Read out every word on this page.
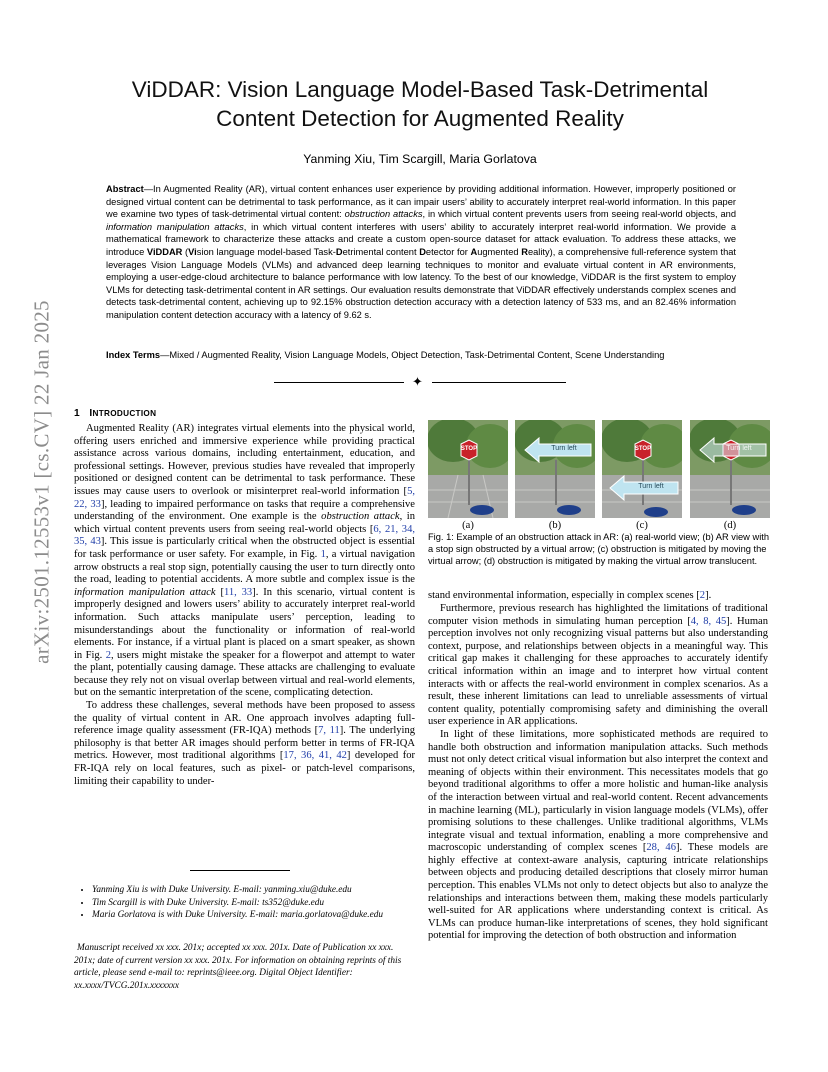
arXiv:2501.12553v1 [cs.CV] 22 Jan 2025
ViDDAR: Vision Language Model-Based Task-Detrimental
Content Detection for Augmented Reality
Yanming Xiu, Tim Scargill, Maria Gorlatova
Abstract—In Augmented Reality (AR), virtual content enhances user experience by providing additional information. However, improperly positioned or designed virtual content can be detrimental to task performance, as it can impair users’ ability to accurately interpret real-world information. In this paper we examine two types of task-detrimental virtual content: obstruction attacks, in which virtual content prevents users from seeing real-world objects, and information manipulation attacks, in which virtual content interferes with users’ ability to accurately interpret real-world information. We provide a mathematical framework to characterize these attacks and create a custom open-source dataset for attack evaluation. To address these attacks, we introduce ViDDAR (Vision language model-based Task-Detrimental content Detector for Augmented Reality), a comprehensive full-reference system that leverages Vision Language Models (VLMs) and advanced deep learning techniques to monitor and evaluate virtual content in AR environments, employing a user-edge-cloud architecture to balance performance with low latency. To the best of our knowledge, ViDDAR is the first system to employ VLMs for detecting task-detrimental content in AR settings. Our evaluation results demonstrate that ViDDAR effectively understands complex scenes and detects task-detrimental content, achieving up to 92.15% obstruction detection accuracy with a detection latency of 533 ms, and an 82.46% information manipulation content detection accuracy with a latency of 9.62 s.
Index Terms—Mixed / Augmented Reality, Vision Language Models, Object Detection, Task-Detrimental Content, Scene Understanding
✦
1 INTRODUCTION

Augmented Reality (AR) integrates virtual elements into the physical world, offering users enriched and immersive experience while providing practical assistance across various domains, including entertainment, education, and professional settings. However, previous studies have revealed that improperly positioned or designed content can be detrimental to task performance. These issues may cause users to overlook or misinterpret real-world information [5, 22, 33], leading to impaired performance on tasks that require a comprehensive understanding of the environment. One example is the obstruction attack, in which virtual content prevents users from seeing real-world objects [6, 21, 34, 35, 43]. This issue is particularly critical when the obstructed object is essential for task performance or user safety. For example, in Fig. 1, a virtual navigation arrow obstructs a real stop sign, potentially causing the user to turn directly onto the road, leading to potential accidents. A more subtle and complex issue is the information manipulation attack [11, 33]. In this scenario, virtual content is improperly designed and lowers users’ ability to accurately interpret real-world information. Such attacks manipulate users’ perception, leading to misunderstandings about the functionality or information of real-world elements. For instance, if a virtual plant is placed on a smart speaker, as shown in Fig. 2, users might mistake the speaker for a flowerpot and attempt to water the plant, potentially causing damage. These attacks are challenging to evaluate because they rely not on visual overlap between virtual and real-world elements, but on the semantic interpretation of the scene, complicating detection.

To address these challenges, several methods have been proposed to assess the quality of virtual content in AR. One approach involves adapting full-reference image quality assessment (FR-IQA) methods [7, 11]. The underlying philosophy is that better AR images should perform better in terms of FR-IQA metrics. However, most traditional algorithms [17, 36, 41, 42] developed for FR-IQA rely on local features, such as pixel- or patch-level comparisons, limiting their capability to under-

• Yanming Xiu is with Duke University. E-mail: yanming.xiu@duke.edu
• Tim Scargill is with Duke University. E-mail: ts352@duke.edu
• Maria Gorlatova is with Duke University. E-mail: maria.gorlatova@duke.edu
Manuscript received xx xxx. 201x; accepted xx xxx. 201x. Date of Publication xx xxx. 201x; date of current version xx xxx. 201x. For information on obtaining reprints of this article, please send e-mail to: reprints@ieee.org. Digital Object Identifier: xx.xxxx/TVCG.201x.xxxxxxx
STOP	Turn left	STOP
Turn left
Turn left
(a)	(b)	(c)	(d)
Fig. 1: Example of an obstruction attack in AR: (a) real-world view; (b) AR view with a stop sign obstructed by a virtual arrow; (c) obstruction is mitigated by moving the virtual arrow; (d) obstruction is mitigated by making the virtual arrow translucent.

stand environmental information, especially in complex scenes [2].

Furthermore, previous research has highlighted the limitations of traditional computer vision methods in simulating human perception [4, 8, 45]. Human perception involves not only recognizing visual patterns but also understanding context, purpose, and relationships between objects in a meaningful way. This critical gap makes it challenging for these approaches to accurately identify critical information within an image and to interpret how virtual content interacts with or affects the real-world environment in complex scenarios. As a result, these inherent limitations can lead to unreliable assessments of virtual content quality, potentially compromising safety and diminishing the overall user experience in AR applications.

In light of these limitations, more sophisticated methods are required to handle both obstruction and information manipulation attacks. Such methods must not only detect critical visual information but also interpret the context and meaning of objects within their environment. This necessitates models that go beyond traditional algorithms to offer a more holistic and human-like analysis of the interaction between virtual and real-world content. Recent advancements in machine learning (ML), particularly in vision language models (VLMs), offer promising solutions to these challenges. Unlike traditional algorithms, VLMs integrate visual and textual information, enabling a more comprehensive and macroscopic understanding of complex scenes [28, 46]. These models are highly effective at context-aware analysis, capturing intricate relationships between objects and producing detailed descriptions that closely mirror human perception. This enables VLMs not only to detect objects but also to analyze the relationships and interactions between them, making these models particularly well-suited for AR applications where understanding context is critical. As VLMs can produce human-like interpretations of scenes, they hold significant potential for improving the detection of both obstruction and information
